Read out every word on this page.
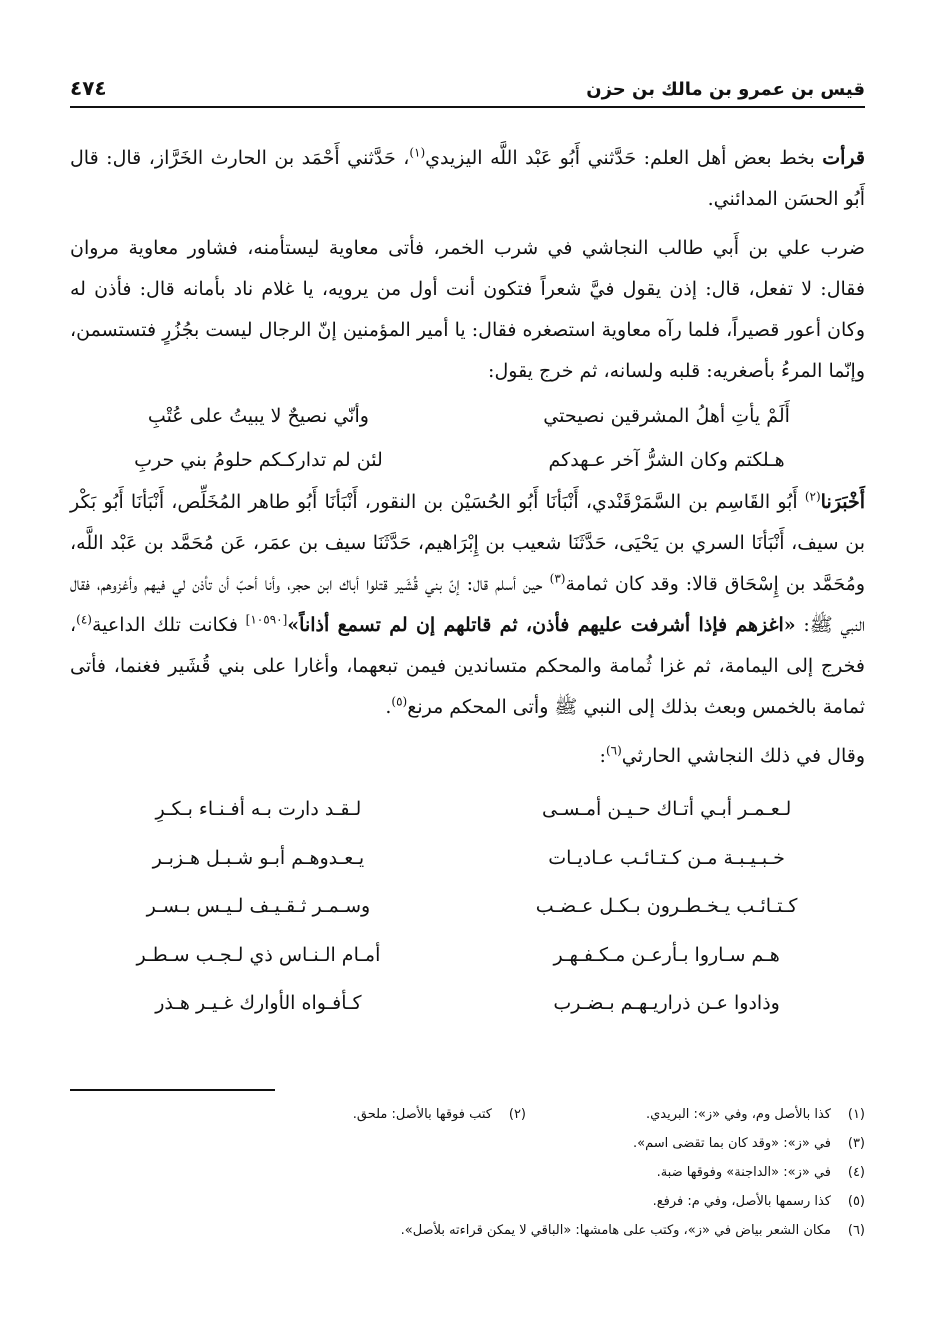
قيس بن عمرو بن مالك بن حزن
٤٧٤

قرأت بخط بعض أهل العلم: حَدَّثني أَبُو عَبْد اللَّه اليزيدي$^{(١)}$، حَدَّثني أَحْمَد بن الحارث الخَرَّاز، قال: قال أَبُو الحسَن المدائني.

ضرب علي بن أَبي طالب النجاشي في شرب الخمر، فأتى معاوية ليستأمنه، فشاور معاوية مروان فقال: لا تفعل، قال: إذن يقول فيَّ شعراً فتكون أنت أول من يرويه، يا غلام ناد بأمانه قال: فأذن له وكان أعور قصيراً، فلما رآه معاوية استصغره فقال: يا أمير المؤمنين إنّ الرجال ليست بجُزُرٍ فتستسمن، وإنّما المرءُ بأصغريه: قلبه ولسانه، ثم خرج يقول:

أَلَمْ يأتِ أهلُ المشرقين نصيحتي
وأنّي نصيحٌ لا يبيتُ على عُتْبِ
هـلكتم وكان الشرُّ آخر عـهدكم
لئن لم تداركـكم حلومُ بني حربِ

أَخْبَرَنا$^{(٢)}$ أَبُو القَاسِم بن السَّمَرْقَنْدي، أَنْبَأنَا أَبُو الحُسَيْن بن النقور، أَنْبَأنَا أَبُو طاهر المُخَلِّص، أَنْبَأنَا أَبُو بَكْر بن سيف، أَنْبَأنَا السري بن يَحْيَى، حَدَّثَنَا شعيب بن إِبْرَاهيم، حَدَّثَنَا سيف بن عمَر، عَن مُحَمَّد بن عَبْد اللَّه، ومُحَمَّد بن إِسْحَاق قالا: وقد كان ثمامة$^{(٣)}$ حين أسلم قال: إنّ بني قُشَير قتلوا أباك ابن حجر، وأنا أحبّ أن تأذن لي فيهم وأغزوهم، فقال النبي ﷺ: «اغزهم فإذا أشرفت عليهم فأذن، ثم قاتلهم إن لم تسمع أذاناً»[١٠٥٩٠] فكانت تلك الداعية$^{(٤)}$، فخرج إلى اليمامة، ثم غزا ثُمامة والمحكم متساندين فيمن تبعهما، وأغارا على بني قُشَير فغنما، فأتى ثمامة بالخمس وبعث بذلك إلى النبي ﷺ وأتى المحكم مرنع$^{(٥)}$.

وقال في ذلك النجاشي الحارثي$^{(٦)}$:

لـعـمـر أبـي أتـاك حـيـن أمـسـى
لـقـد دارت بـه أفـنـاء بـكـرِ
خـبـيـبـة مـن كـتـائـب عـاديـات
يـعـدوهـم أبـو شـبـل هـزبـر
كـتـائـب يـخـطـرون بـكـل عـضـب
وسـمـر ثـقـيـف لـيـس بـسـر
هـم سـاروا بـأرعـن مـكـفـهـر
أمـام الـنـاس ذي لـجـب سـطـر
وذادوا عـن ذراريـهـم بـضـرب
كـأفـواه الأوارك غـيـر هـذر
(١)
كذا بالأصل وم، وفي «ز»: البريدي.
(٢)
كتب فوقها بالأصل: ملحق.
(٣)
في «ز»: «وقد كان بما تقضى اسم».
(٤)
في «ز»: «الداجنة» وفوقها ضبة.
(٥)
كذا رسمها بالأصل، وفي م: فرفع.
(٦)
مكان الشعر بياض في «ز»، وكتب على هامشها: «الباقي لا يمكن قراءته بلأصل».
